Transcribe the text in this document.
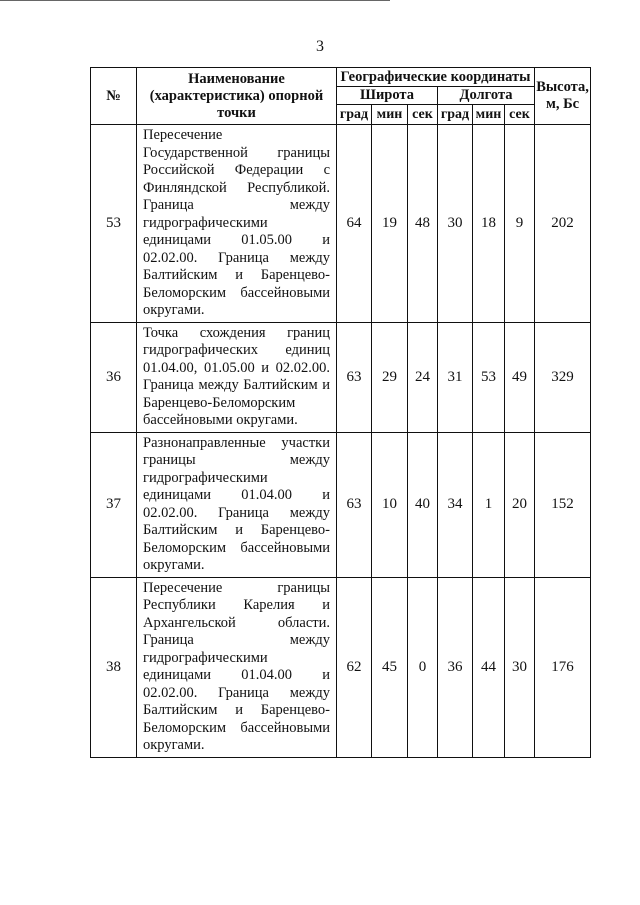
3
№	Наименование (характеристика) опорной точки	Географические координаты						Высота, м, Бс
		Широта			Долгота			
		град	мин	сек	град	мин	сек	
53	Пересечение Государственной границы Российской Федерации с Финляндской Республикой. Граница между гидрографическими единицами 01.05.00 и 02.02.00. Граница между Балтийским и Баренцево-Беломорским бассейновыми округами.	64	19	48	30	18	9	202
36	Точка схождения границ гидрографических единиц 01.04.00, 01.05.00 и 02.02.00. Граница между Балтийским и Баренцево-Беломорским бассейновыми округами.	63	29	24	31	53	49	329
37	Разнонаправленные участки границы между гидрографическими единицами 01.04.00 и 02.02.00. Граница между Балтийским и Баренцево-Беломорским бассейновыми округами.	63	10	40	34	1	20	152
38	Пересечение границы Республики Карелия и Архангельской области. Граница между гидрографическими единицами 01.04.00 и 02.02.00. Граница между Балтийским и Баренцево-Беломорским бассейновыми округами.	62	45	0	36	44	30	176
